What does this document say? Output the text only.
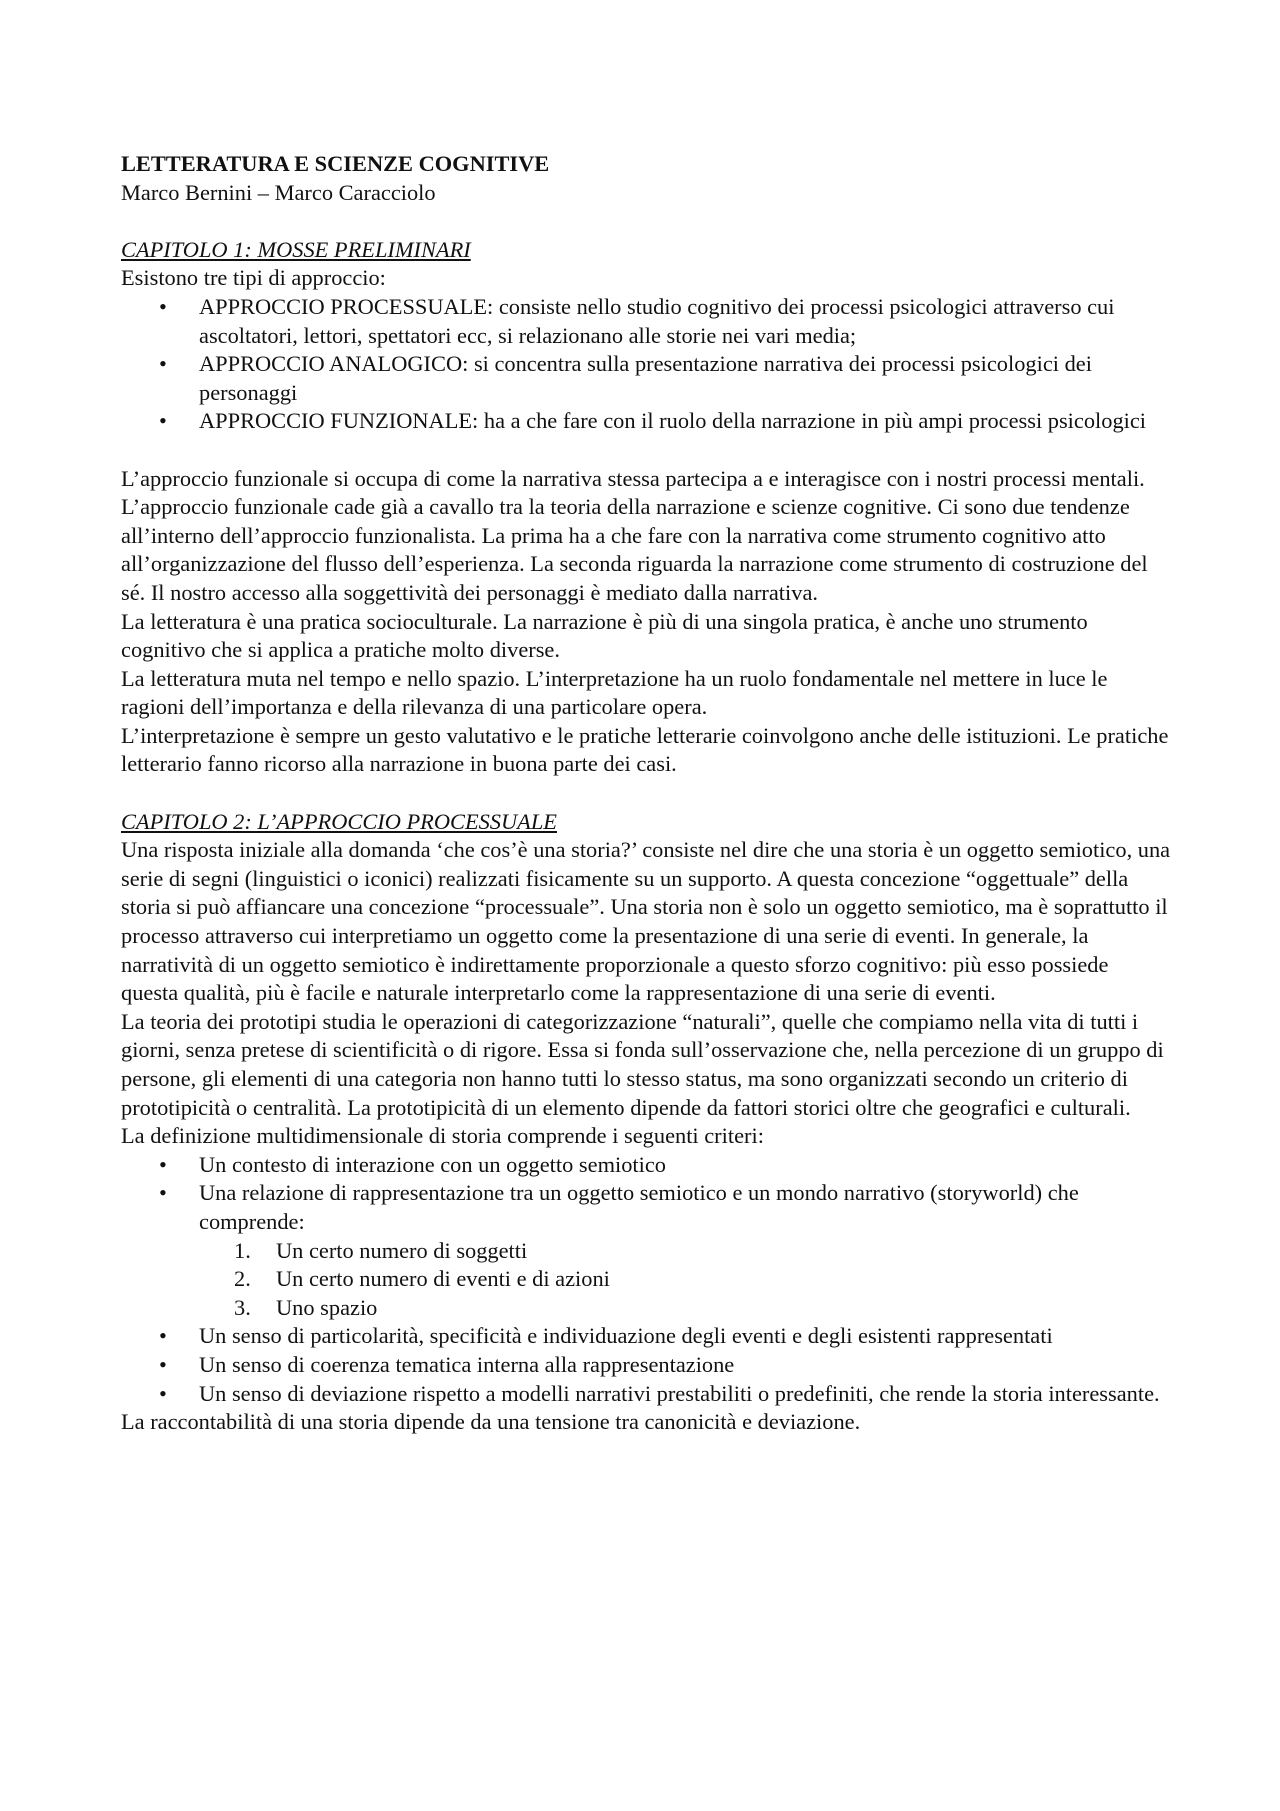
LETTERATURA E SCIENZE COGNITIVE

Marco Bernini – Marco Caracciolo

CAPITOLO 1: MOSSE PRELIMINARI

Esistono tre tipi di approccio:

• APPROCCIO PROCESSUALE: consiste nello studio cognitivo dei processi psicologici attraverso cui ascoltatori, lettori, spettatori ecc, si relazionano alle storie nei vari media;
• APPROCCIO ANALOGICO: si concentra sulla presentazione narrativa dei processi psicologici dei personaggi
• APPROCCIO FUNZIONALE: ha a che fare con il ruolo della narrazione in più ampi processi psicologici

L’approccio funzionale si occupa di come la narrativa stessa partecipa a e interagisce con i nostri processi mentali. L’approccio funzionale cade già a cavallo tra la teoria della narrazione e scienze cognitive. Ci sono due tendenze all’interno dell’approccio funzionalista. La prima ha a che fare con la narrativa come strumento cognitivo atto all’organizzazione del flusso dell’esperienza. La seconda riguarda la narrazione come strumento di costruzione del sé. Il nostro accesso alla soggettività dei personaggi è mediato dalla narrativa.

La letteratura è una pratica socioculturale. La narrazione è più di una singola pratica, è anche uno strumento cognitivo che si applica a pratiche molto diverse.

La letteratura muta nel tempo e nello spazio. L’interpretazione ha un ruolo fondamentale nel mettere in luce le ragioni dell’importanza e della rilevanza di una particolare opera.

L’interpretazione è sempre un gesto valutativo e le pratiche letterarie coinvolgono anche delle istituzioni. Le pratiche letterario fanno ricorso alla narrazione in buona parte dei casi.

CAPITOLO 2: L’APPROCCIO PROCESSUALE

Una risposta iniziale alla domanda ‘che cos’è una storia?’ consiste nel dire che una storia è un oggetto semiotico, una serie di segni (linguistici o iconici) realizzati fisicamente su un supporto. A questa concezione “oggettuale” della storia si può affiancare una concezione “processuale”. Una storia non è solo un oggetto semiotico, ma è soprattutto il processo attraverso cui interpretiamo un oggetto come la presentazione di una serie di eventi. In generale, la narratività di un oggetto semiotico è indirettamente proporzionale a questo sforzo cognitivo: più esso possiede questa qualità, più è facile e naturale interpretarlo come la rappresentazione di una serie di eventi.

La teoria dei prototipi studia le operazioni di categorizzazione “naturali”, quelle che compiamo nella vita di tutti i giorni, senza pretese di scientificità o di rigore. Essa si fonda sull’osservazione che, nella percezione di un gruppo di persone, gli elementi di una categoria non hanno tutti lo stesso status, ma sono organizzati secondo un criterio di prototipicità o centralità. La prototipicità di un elemento dipende da fattori storici oltre che geografici e culturali.

La definizione multidimensionale di storia comprende i seguenti criteri:

• Un contesto di interazione con un oggetto semiotico
• Una relazione di rappresentazione tra un oggetto semiotico e un mondo narrativo (storyworld) che comprende:
1. Un certo numero di soggetti
2. Un certo numero di eventi e di azioni
3. Uno spazio
• Un senso di particolarità, specificità e individuazione degli eventi e degli esistenti rappresentati
• Un senso di coerenza tematica interna alla rappresentazione
• Un senso di deviazione rispetto a modelli narrativi prestabiliti o predefiniti, che rende la storia interessante.

La raccontabilità di una storia dipende da una tensione tra canonicità e deviazione.
